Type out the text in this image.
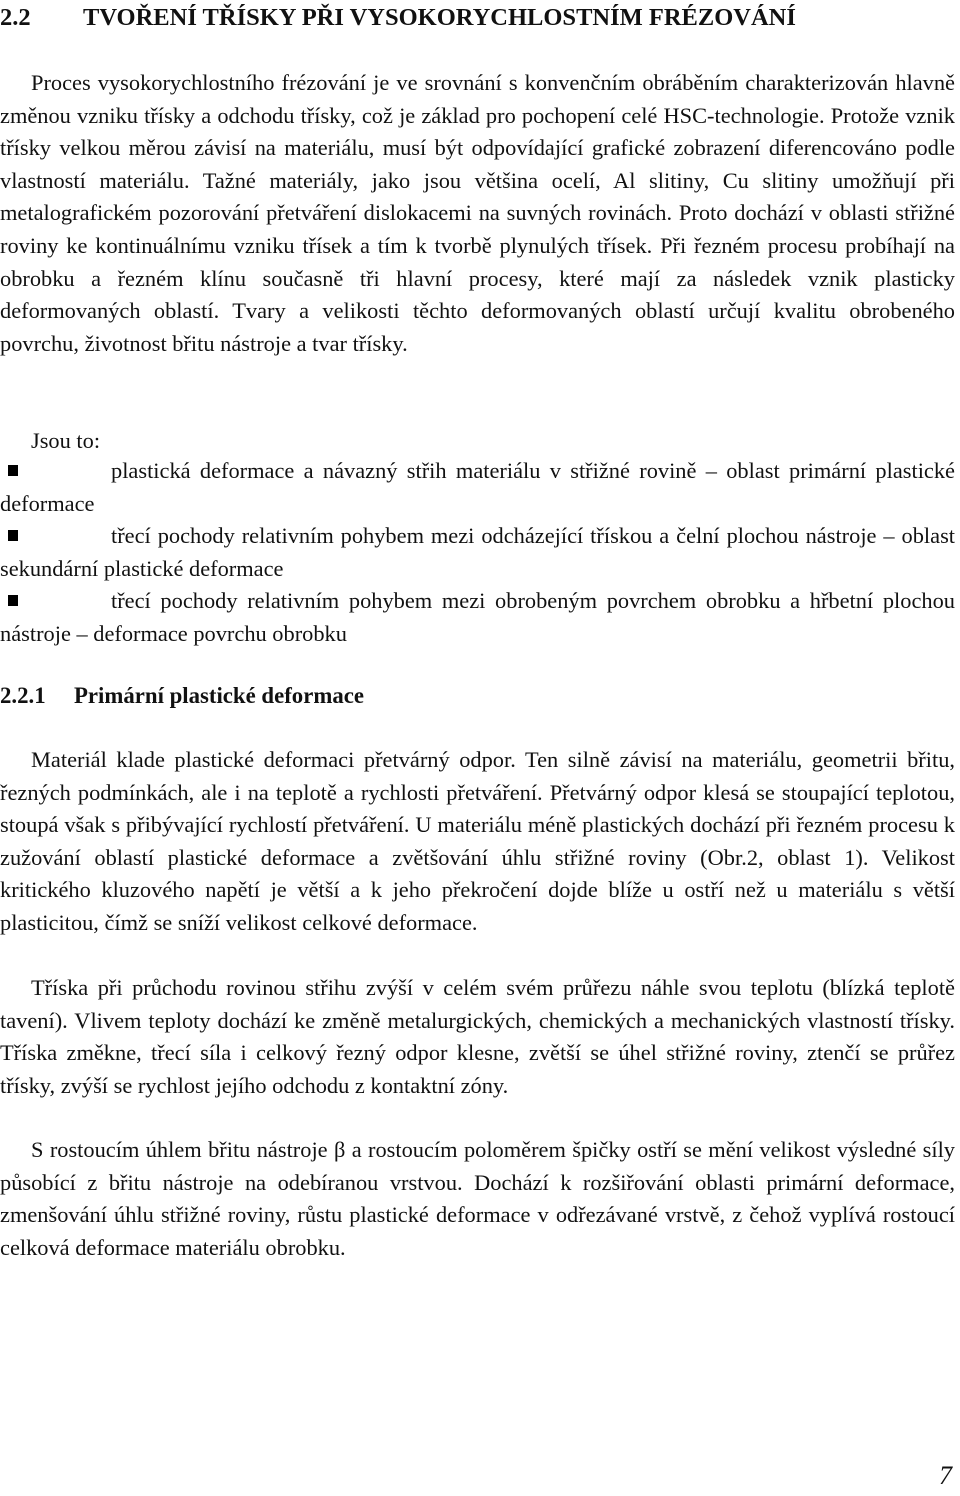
2.2 TVOŘENÍ TŘÍSKY PŘI VYSOKORYCHLOSTNÍM FRÉZOVÁNÍ

Proces vysokorychlostního frézování je ve srovnání s konvenčním obráběním charakterizován hlavně změnou vzniku třísky a odchodu třísky, což je základ pro pochopení celé HSC-technologie. Protože vznik třísky velkou měrou závisí na materiálu, musí být odpovídající grafické zobrazení diferencováno podle vlastností materiálu. Tažné materiály, jako jsou většina ocelí, Al slitiny, Cu slitiny umožňují při metalografickém pozorování přetváření dislokacemi na suvných rovinách. Proto dochází v oblasti střižné roviny ke kontinuálnímu vzniku třísek a tím k tvorbě plynulých třísek. Při řezném procesu probíhají na obrobku a řezném klínu současně tři hlavní procesy, které mají za následek vznik plasticky deformovaných oblastí. Tvary a velikosti těchto deformovaných oblastí určují kvalitu obrobeného povrchu, životnost břitu nástroje a tvar třísky.

Jsou to:
plastická deformace a návazný střih materiálu v střižné rovině – oblast primární plastické deformace
třecí pochody relativním pohybem mezi odcházející třískou a čelní plochou nástroje – oblast sekundární plastické deformace
třecí pochody relativním pohybem mezi obrobeným povrchem obrobku a hřbetní plochou nástroje – deformace povrchu obrobku
2.2.1 Primární plastické deformace

Materiál klade plastické deformaci přetvárný odpor. Ten silně závisí na materiálu, geometrii břitu, řezných podmínkách, ale i na teplotě a rychlosti přetváření. Přetvárný odpor klesá se stoupající teplotou, stoupá však s přibývající rychlostí přetváření. U materiálu méně plastických dochází při řezném procesu k zužování oblastí plastické deformace a zvětšování úhlu střižné roviny (Obr.2, oblast 1). Velikost kritického kluzového napětí je větší a k jeho překročení dojde blíže u ostří než u materiálu s větší plasticitou, čímž se sníží velikost celkové deformace.

Tříska při průchodu rovinou střihu zvýší v celém svém průřezu náhle svou teplotu (blízká teplotě tavení). Vlivem teploty dochází ke změně metalurgických, chemických a mechanických vlastností třísky. Tříska změkne, třecí síla i celkový řezný odpor klesne, zvětší se úhel střižné roviny, ztenčí se průřez třísky, zvýší se rychlost jejího odchodu z kontaktní zóny.

S rostoucím úhlem břitu nástroje β a rostoucím poloměrem špičky ostří se mění velikost výsledné síly působící z břitu nástroje na odebíranou vrstvou. Dochází k rozšiřování oblasti primární deformace, zmenšování úhlu střižné roviny, růstu plastické deformace v odřezávané vrstvě, z čehož vyplívá rostoucí celková deformace materiálu obrobku.

7
